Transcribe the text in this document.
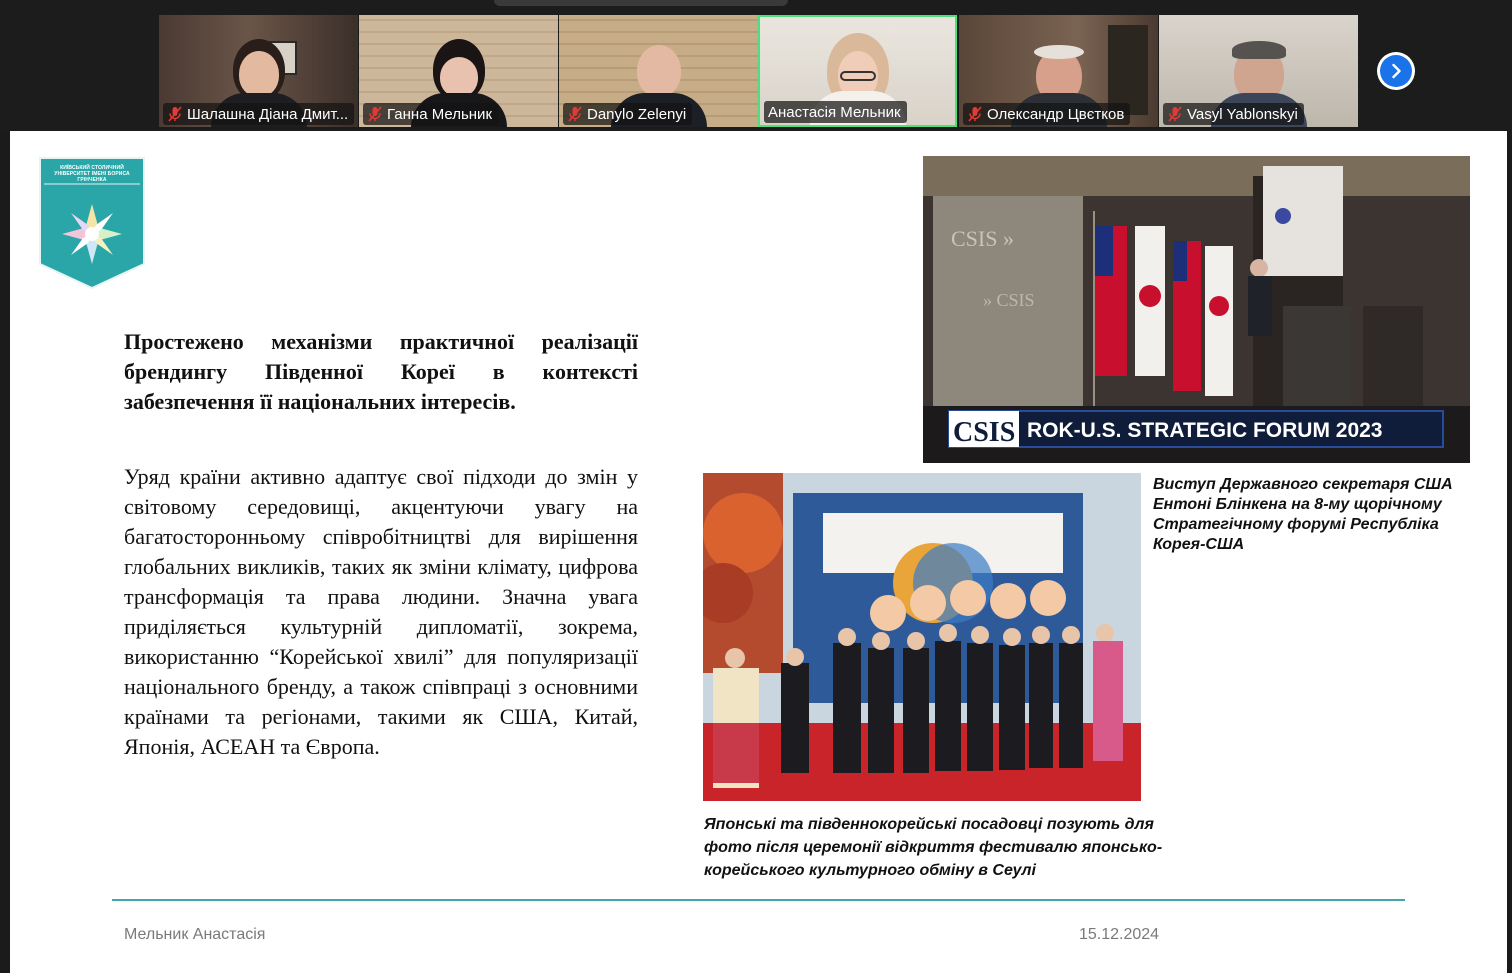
Шалашна Діана Дмит...	Ганна Мельник	Danylo Zelenyi	Анастасія Мельник	Олександр Цвєтков	Vasyl Yablonskyi
КИЇВСЬКИЙ СТОЛИЧНИЙ УНІВЕРСИТЕТ ІМЕНІ БОРИСА ГРІНЧЕНКА

Простежено механізми практичної реалізації брендингу Південної Кореї в контексті забезпечення її національних інтересів.

Уряд країни активно адаптує свої підходи до змін у світовому середовищі, акцентуючи увагу на багатосторонньому співробітництві для вирішення глобальних викликів, таких як зміни клімату, цифрова трансформація та права людини. Значна увага приділяється культурній дипломатії, зокрема, використанню “Корейської хвилі” для популяризації національного бренду, а також співпраці з основними країнами та регіонами, такими як США, Китай, Японія, АСЕАН та Європа.

CSIS »
» CSIS
CSIS ROK-U.S. STRATEGIC FORUM 2023
Виступ Державного секретаря США Ентоні Блінкена на 8-му щорічному Стратегічному форумі Республіка Корея-США
Японські та південнокорейські посадовці позують для фото після церемонії відкриття фестивалю японсько-корейського культурного обміну в Сеулі
Мельник Анастасія	15.12.2024
